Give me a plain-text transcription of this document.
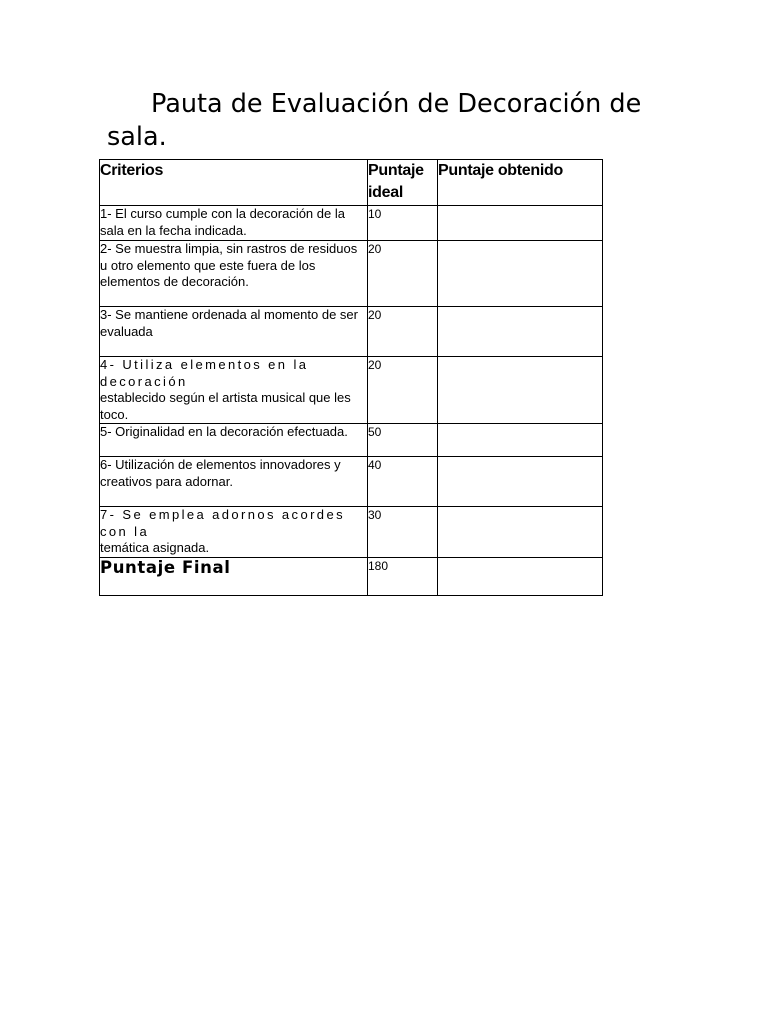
Pauta de Evaluación de Decoración de sala.
Criterios	Puntaje ideal	Puntaje obtenido
1- El curso cumple con la decoración de la sala en la fecha indicada.	10	
2- Se muestra limpia, sin rastros de residuos u otro elemento que este fuera de los elementos de decoración.	20	
3- Se mantiene ordenada al momento de ser evaluada	20	

4- Utiliza elementos en la decoración
establecido según el artista musical que les toco.	20	
5- Originalidad en la decoración efectuada.	50	
6- Utilización de elementos innovadores y creativos para adornar.	40	

7- Se emplea adornos acordes con la
temática asignada.	30	
Puntaje Final	180	
